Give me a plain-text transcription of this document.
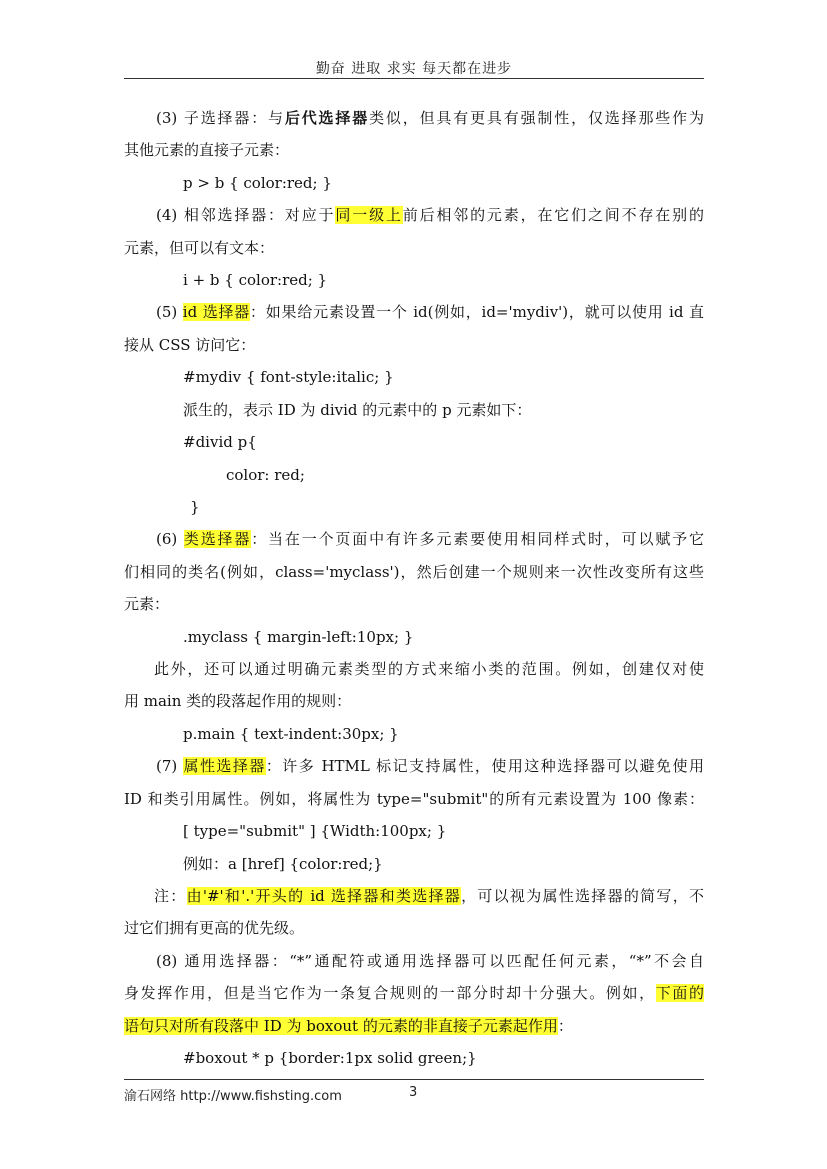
勤奋 进取 求实 每天都在进步
(3) 子选择器：与后代选择器类似，但具有更具有强制性，仅选择那些作为
其他元素的直接子元素：
p > b { color:red; }
(4) 相邻选择器：对应于同一级上前后相邻的元素，在它们之间不存在别的
元素，但可以有文本：
i + b { color:red; }
(5) id 选择器：如果给元素设置一个 id(例如，id='mydiv')，就可以使用 id 直
接从 CSS 访问它：
#mydiv { font-style:italic; }
派生的，表示 ID 为 divid 的元素中的 p 元素如下：
#divid p{
color: red;
}
(6) 类选择器：当在一个页面中有许多元素要使用相同样式时，可以赋予它
们相同的类名(例如，class='myclass')，然后创建一个规则来一次性改变所有这些
元素：
.myclass { margin-left:10px; }
此外，还可以通过明确元素类型的方式来缩小类的范围。例如，创建仅对使
用 main 类的段落起作用的规则：
p.main { text-indent:30px; }
(7) 属性选择器：许多 HTML 标记支持属性，使用这种选择器可以避免使用
ID 和类引用属性。例如，将属性为 type="submit"的所有元素设置为 100 像素：
[ type="submit" ] {Width:100px; }
例如：a [href] {color:red;}
注：由'#'和'.'开头的 id 选择器和类选择器，可以视为属性选择器的简写，不
过它们拥有更高的优先级。
(8) 通用选择器：“*”通配符或通用选择器可以匹配任何元素，“*”不会自
身发挥作用，但是当它作为一条复合规则的一部分时却十分强大。例如，下面的
语句只对所有段落中 ID 为 boxout 的元素的非直接子元素起作用：
#boxout * p {border:1px solid green;}
渝石网络 http://www.fishsting.com	3
